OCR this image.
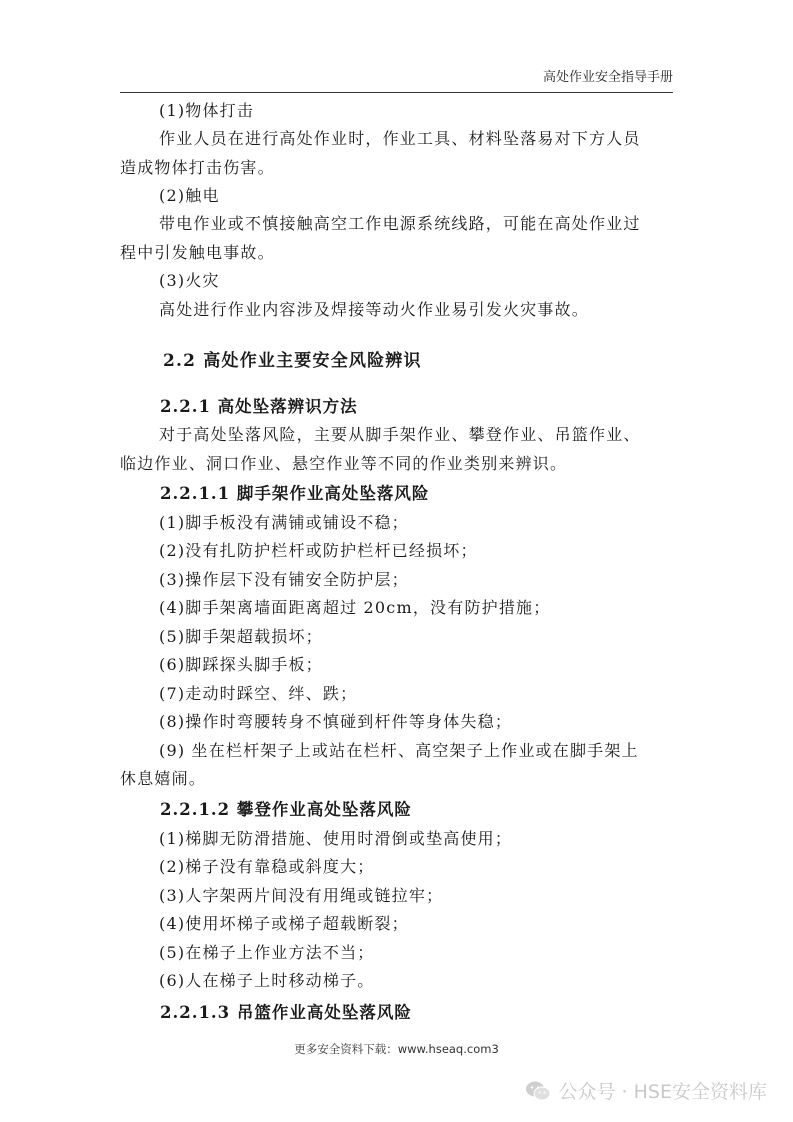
高处作业安全指导手册
(1)物体打击
作业人员在进行高处作业时，作业工具、材料坠落易对下方人员
造成物体打击伤害。
(2)触电
带电作业或不慎接触高空工作电源系统线路，可能在高处作业过
程中引发触电事故。
(3)火灾
高处进行作业内容涉及焊接等动火作业易引发火灾事故。
2.2 高处作业主要安全风险辨识
2.2.1 高处坠落辨识方法
对于高处坠落风险，主要从脚手架作业、攀登作业、吊篮作业、
临边作业、洞口作业、悬空作业等不同的作业类别来辨识。
2.2.1.1 脚手架作业高处坠落风险
(1)脚手板没有满铺或铺设不稳；
(2)没有扎防护栏杆或防护栏杆已经损坏；
(3)操作层下没有铺安全防护层；
(4)脚手架离墙面距离超过 20cm，没有防护措施；
(5)脚手架超载损坏；
(6)脚踩探头脚手板；
(7)走动时踩空、绊、跌；
(8)操作时弯腰转身不慎碰到杆件等身体失稳；
(9) 坐在栏杆架子上或站在栏杆、高空架子上作业或在脚手架上
休息嬉闹。
2.2.1.2 攀登作业高处坠落风险
(1)梯脚无防滑措施、使用时滑倒或垫高使用；
(2)梯子没有靠稳或斜度大；
(3)人字架两片间没有用绳或链拉牢；
(4)使用坏梯子或梯子超载断裂；
(5)在梯子上作业方法不当；
(6)人在梯子上时移动梯子。
2.2.1.3 吊篮作业高处坠落风险
更多安全资料下载：www.hseaq.com3
公众号 · HSE安全资料库
